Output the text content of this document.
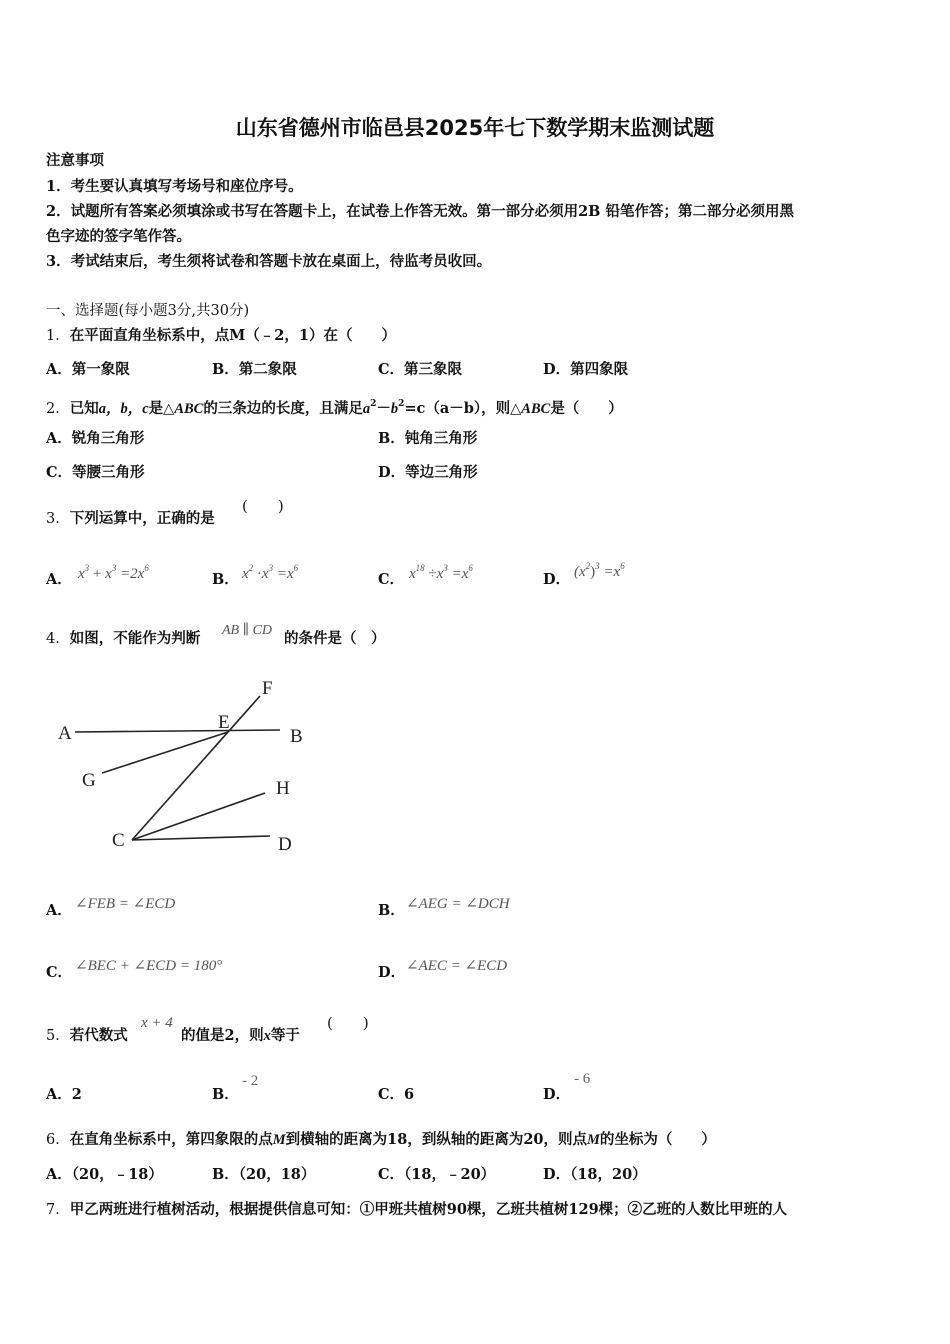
山东省德州市临邑县2025年七下数学期末监测试题
注意事项
1．考生要认真填写考场号和座位序号。
2．试题所有答案必须填涂或书写在答题卡上，在试卷上作答无效。第一部分必须用2B 铅笔作答；第二部分必须用黑
色字迹的签字笔作答。
3．考试结束后，考生须将试卷和答题卡放在桌面上，待监考员收回。
一、选择题(每小题3分,共30分)
1．在平面直角坐标系中，点M（﹣2，1）在（　　）
A．第一象限	B．第二象限	C．第三象限	D．第四象限
2．已知a，b，c是△ABC的三条边的长度，且满足$a^2-b^2=c(a-b)$，则△ABC是（　　）
A．锐角三角形	B．钝角三角形
C．等腰三角形	D．等边三角形
3．下列运算中，正确的是
(　　)
A． $x^3 + x^3 =2x^6$
B． $x^2 \cdot x^3 =x^6$
C． $x^{18} \div x^3 =x^6$
D． $(x^2)^3 =x^6$
4．如图，不能作为判断 AB ∥ CD 的条件是（　）
A	B
C	D
E
F
G	H
A． ∠FEB = ∠ECD	B． ∠AEG = ∠DCH
C． ∠BEC + ∠ECD = 180°	D． ∠AEC = ∠ECD
5．若代数式
x + 4
的值是2，则x等于
(　　)
A．2	B．
- 2
C．6	D．
- 6
6．在直角坐标系中，第四象限的点M到横轴的距离为18，到纵轴的距离为20，则点M的坐标为（　　）
A．（20，﹣18）	B．（20，18）	C．（18，﹣20）	D．（18，20）
7．甲乙两班进行植树活动，根据提供信息可知：①甲班共植树90棵，乙班共植树129棵；②乙班的人数比甲班的人
